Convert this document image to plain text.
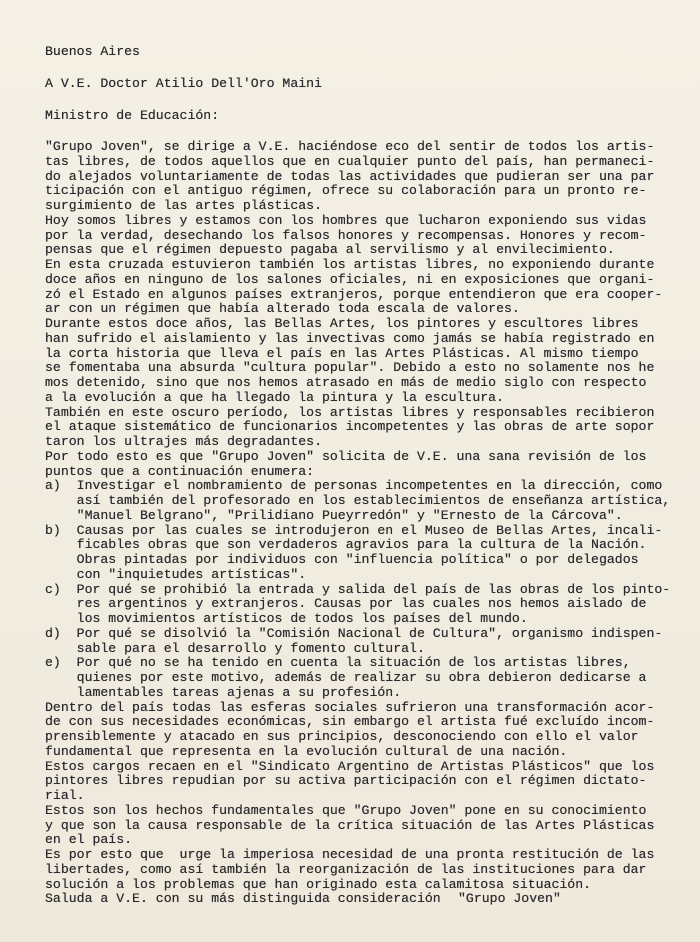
Buenos Aires
A V.E. Doctor Atilio Dell'Oro Maini
Ministro de Educación:
"Grupo Joven", se dirige a V.E. haciéndose eco del sentir de todos los artis-
tas libres, de todos aquellos que en cualquier punto del país, han permaneci-
do alejados voluntariamente de todas las actividades que pudieran ser una par
ticipación con el antiguo régimen, ofrece su colaboración para un pronto re-
surgimiento de las artes plásticas.
Hoy somos libres y estamos con los hombres que lucharon exponiendo sus vidas
por la verdad, desechando los falsos honores y recompensas. Honores y recom-
pensas que el régimen depuesto pagaba al servilismo y al envilecimiento.
En esta cruzada estuvieron también los artistas libres, no exponiendo durante
doce años en ninguno de los salones oficiales, ni en exposiciones que organi-
zó el Estado en algunos países extranjeros, porque entendieron que era cooper-
ar con un régimen que había alterado toda escala de valores.
Durante estos doce años, las Bellas Artes, los pintores y escultores libres
han sufrido el aislamiento y las invectivas como jamás se había registrado en
la corta historia que lleva el país en las Artes Plásticas. Al mismo tiempo
se fomentaba una absurda "cultura popular". Debido a esto no solamente nos he
mos detenido, sino que nos hemos atrasado en más de medio siglo con respecto
a la evolución a que ha llegado la pintura y la escultura.
También en este oscuro período, los artistas libres y responsables recibieron
el ataque sistemático de funcionarios incompetentes y las obras de arte sopor
taron los ultrajes más degradantes.
Por todo esto es que "Grupo Joven" solicita de V.E. una sana revisión de los
puntos que a continuación enumera:
a)  Investigar el nombramiento de personas incompetentes en la dirección, como
así también del profesorado en los establecimientos de enseñanza artística,
"Manuel Belgrano", "Prilidiano Pueyrredón" y "Ernesto de la Cárcova".
b)  Causas por las cuales se introdujeron en el Museo de Bellas Artes, incali-
ficables obras que son verdaderos agravios para la cultura de la Nación.
Obras pintadas por individuos con "influencia política" o por delegados
con "inquietudes artísticas".
c)  Por qué se prohibió la entrada y salida del país de las obras de los pinto-
res argentinos y extranjeros. Causas por las cuales nos hemos aislado de
los movimientos artísticos de todos los países del mundo.
d)  Por qué se disolvió la "Comisión Nacional de Cultura", organismo indispen-
sable para el desarrollo y fomento cultural.
e)  Por qué no se ha tenido en cuenta la situación de los artistas libres,
quienes por este motivo, además de realizar su obra debieron dedicarse a
lamentables tareas ajenas a su profesión.
Dentro del país todas las esferas sociales sufrieron una transformación acor-
de con sus necesidades económicas, sin embargo el artista fué excluído incom-
prensiblemente y atacado en sus principios, desconociendo con ello el valor
fundamental que representa en la evolución cultural de una nación.
Estos cargos recaen en el "Sindicato Argentino de Artistas Plásticos" que los
pintores libres repudian por su activa participación con el régimen dictato-
rial.
Estos son los hechos fundamentales que "Grupo Joven" pone en su conocimiento
y que son la causa responsable de la crítica situación de las Artes Plásticas
en el país.
Es por esto que  urge la imperiosa necesidad de una pronta restitución de las
libertades, como así también la reorganización de las instituciones para dar
solución a los problemas que han originado esta calamitosa situación.
Saluda a V.E. con su más distinguida consideración "Grupo Joven"
